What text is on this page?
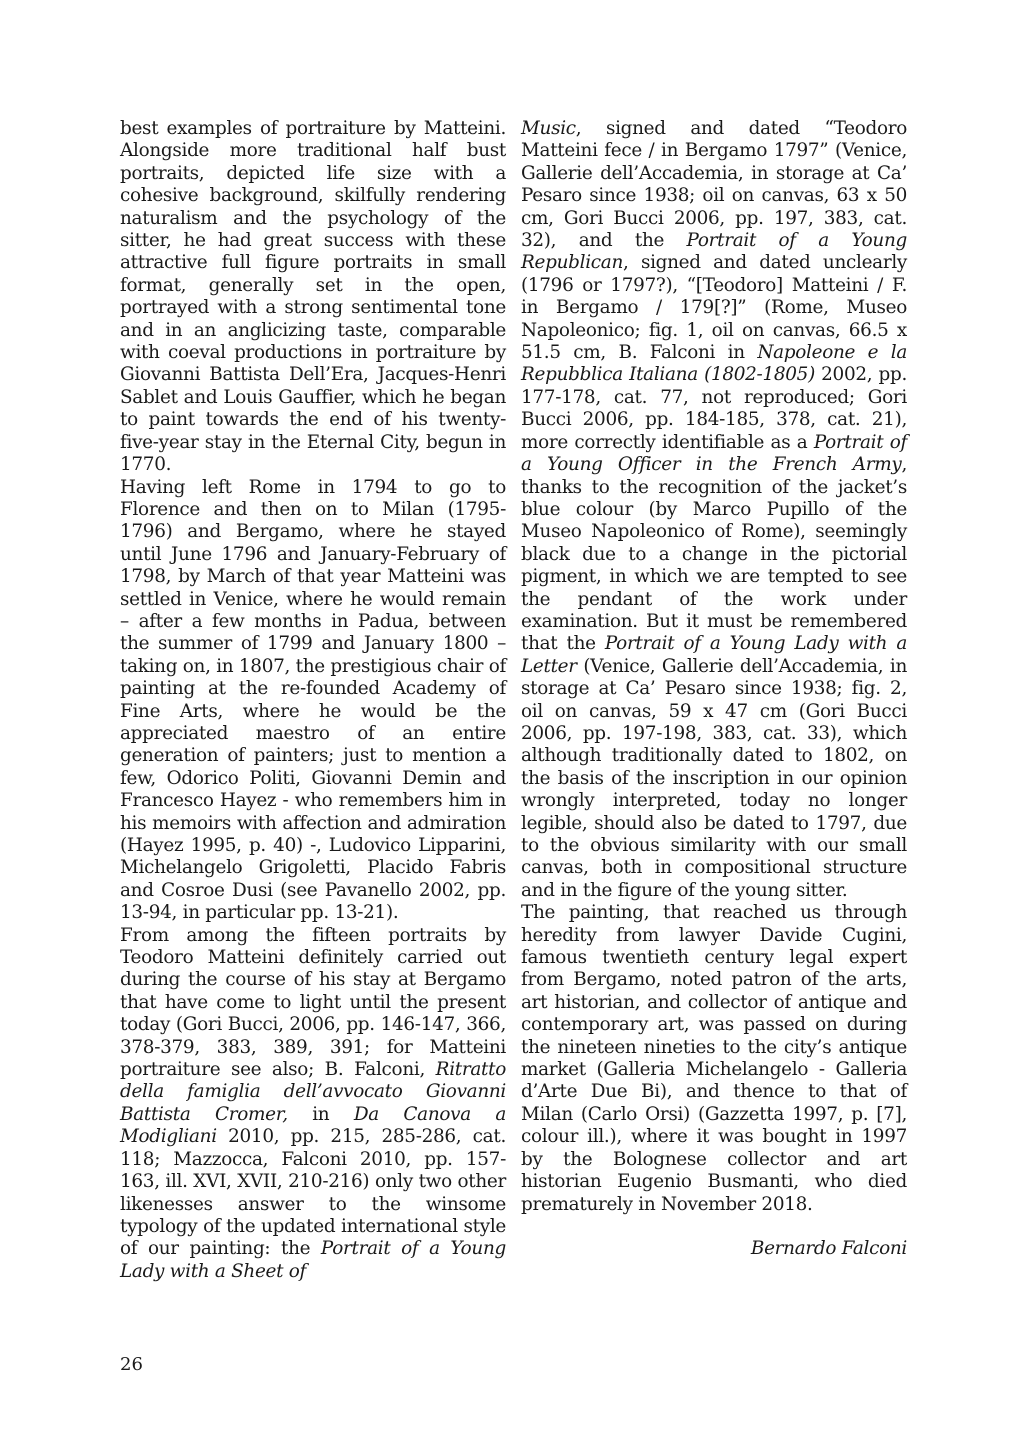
best examples of portraiture by Matteini. Alongside more traditional half bust portraits, depicted life size with a cohesive background, skilfully rendering naturalism and the psychology of the sitter, he had great success with these attractive full figure portraits in small format, generally set in the open, portrayed with a strong sentimental tone and in an anglicizing taste, comparable with coeval productions in portraiture by Giovanni Battista Dell’Era, Jacques-Henri Sablet and Louis Gauffier, which he began to paint towards the end of his twenty-five-year stay in the Eternal City, begun in 1770.

Having left Rome in 1794 to go to Florence and then on to Milan (1795-1796) and Bergamo, where he stayed until June 1796 and January-February of 1798, by March of that year Matteini was settled in Venice, where he would remain – after a few months in Padua, between the summer of 1799 and January 1800 – taking on, in 1807, the prestigious chair of painting at the re-founded Academy of Fine Arts, where he would be the appreciated maestro of an entire generation of painters; just to mention a few, Odorico Politi, Giovanni Demin and Francesco Hayez - who remembers him in his memoirs with affection and admiration (Hayez 1995, p. 40) -, Ludovico Lipparini, Michelangelo Grigoletti, Placido Fabris and Cosroe Dusi (see Pavanello 2002, pp. 13-94, in particular pp. 13-21).

From among the fifteen portraits by Teodoro Matteini definitely carried out during the course of his stay at Bergamo that have come to light until the present today (Gori Bucci, 2006, pp. 146-147, 366, 378-379, 383, 389, 391; for Matteini portraiture see also; B. Falconi, Ritratto della famiglia dell’avvocato Giovanni Battista Cromer, in Da Canova a Modigliani 2010, pp. 215, 285-286, cat. 118; Mazzocca, Falconi 2010, pp. 157-163, ill. XVI, XVII, 210-216) only two other likenesses answer to the winsome typology of the updated international style of our painting: the Portrait of a Young Lady with a Sheet of

Music, signed and dated “Teodoro Matteini fece / in Bergamo 1797” (Venice, Gallerie dell’Accademia, in storage at Ca’ Pesaro since 1938; oil on canvas, 63 x 50 cm, Gori Bucci 2006, pp. 197, 383, cat. 32), and the Portrait of a Young Republican, signed and dated unclearly (1796 or 1797?), “[Teodoro] Matteini / F. in Bergamo / 179[?]” (Rome, Museo Napoleonico; fig. 1, oil on canvas, 66.5 x 51.5 cm, B. Falconi in Napoleone e la Repubblica Italiana (1802-1805) 2002, pp. 177-178, cat. 77, not reproduced; Gori Bucci 2006, pp. 184-185, 378, cat. 21), more correctly identifiable as a Portrait of a Young Officer in the French Army, thanks to the recognition of the jacket’s blue colour (by Marco Pupillo of the Museo Napoleonico of Rome), seemingly black due to a change in the pictorial pigment, in which we are tempted to see the pendant of the work under examination. But it must be remembered that the Portrait of a Young Lady with a Letter (Venice, Gallerie dell’Accademia, in storage at Ca’ Pesaro since 1938; fig. 2, oil on canvas, 59 x 47 cm (Gori Bucci 2006, pp. 197-198, 383, cat. 33), which although traditionally dated to 1802, on the basis of the inscription in our opinion wrongly interpreted, today no longer legible, should also be dated to 1797, due to the obvious similarity with our small canvas, both in compositional structure and in the figure of the young sitter.

The painting, that reached us through heredity from lawyer Davide Cugini, famous twentieth century legal expert from Bergamo, noted patron of the arts, art historian, and collector of antique and contemporary art, was passed on during the nineteen nineties to the city’s antique market (Galleria Michelangelo - Galleria d’Arte Due Bi), and thence to that of Milan (Carlo Orsi) (Gazzetta 1997, p. [7], colour ill.), where it was bought in 1997 by the Bolognese collector and art historian Eugenio Busmanti, who died prematurely in November 2018.

Bernardo Falconi
26
